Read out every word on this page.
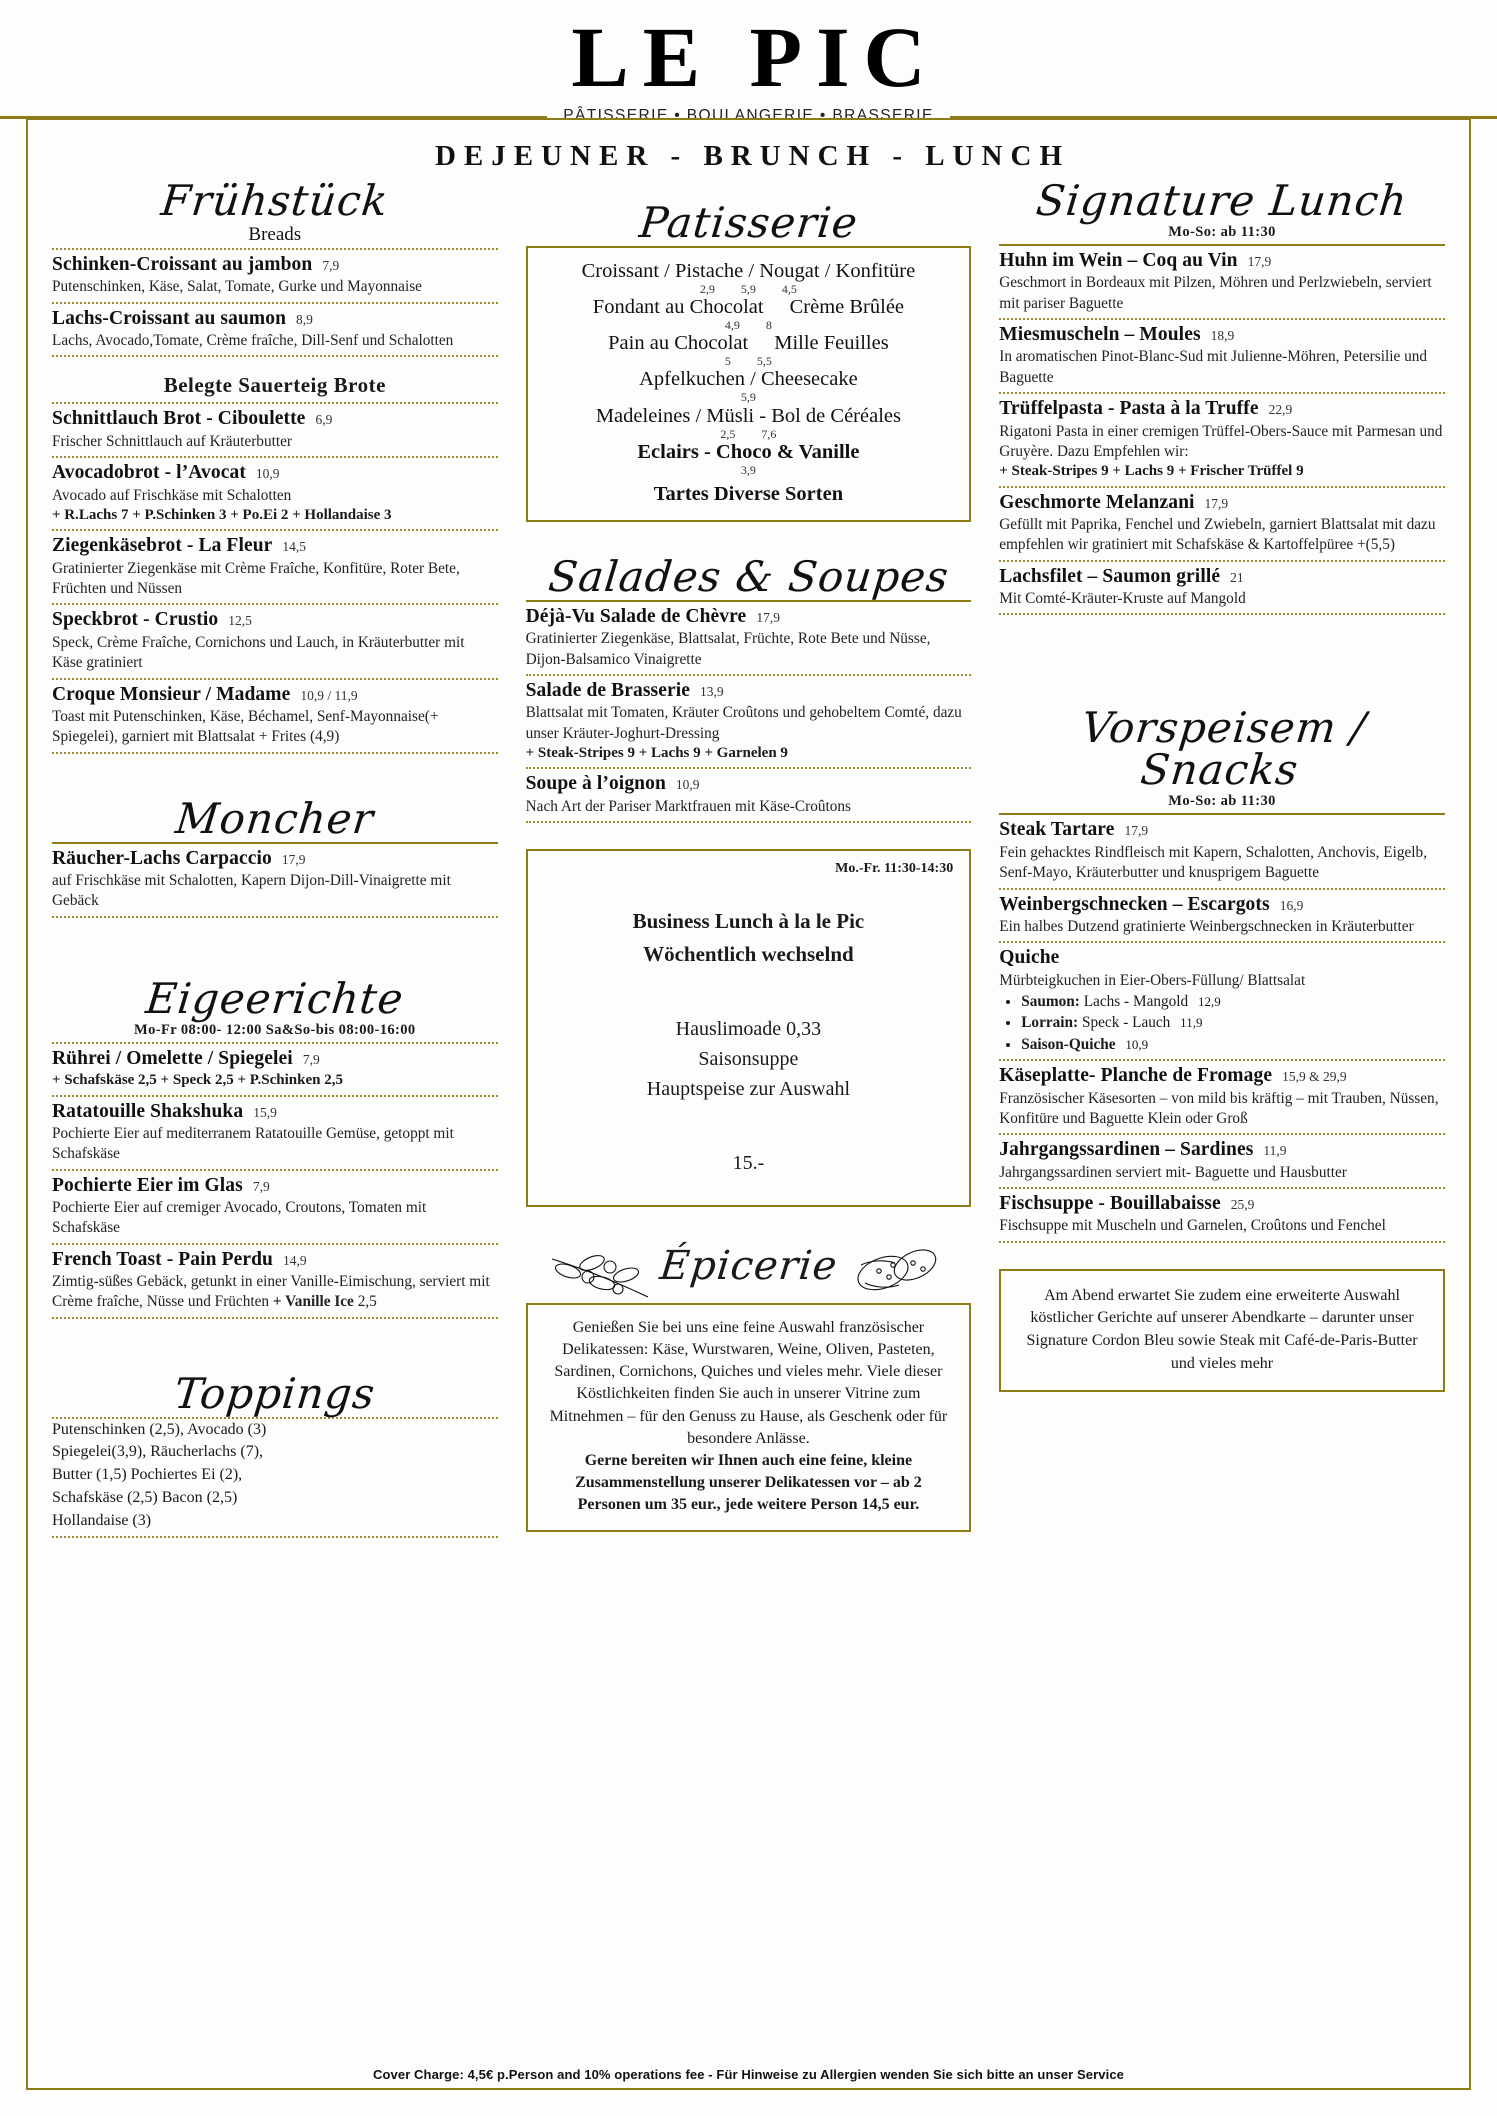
LE PIC
PÂTISSERIE • BOULANGERIE • BRASSERIE
DEJEUNER - BRUNCH - LUNCH
Frühstück
Breads
Schinken-Croissant au jambon 7,9
Putenschinken, Käse, Salat, Tomate, Gurke und Mayonnaise
Lachs-Croissant au saumon 8,9
Lachs, Avocado,Tomate, Crème fraîche, Dill-Senf und Schalotten
Belegte Sauerteig Brote
Schnittlauch Brot - Ciboulette 6,9
Frischer Schnittlauch auf Kräuterbutter
Avocadobrot - l’Avocat 10,9
Avocado auf Frischkäse mit Schalotten
+ R.Lachs 7 + P.Schinken 3 + Po.Ei 2 + Hollandaise 3
Ziegenkäsebrot - La Fleur 14,5
Gratinierter Ziegenkäse mit Crème Fraîche, Konfitüre, Roter Bete, Früchten und Nüssen
Speckbrot - Crustio 12,5
Speck, Crème Fraîche, Cornichons und Lauch, in Kräuterbutter mit Käse gratiniert
Croque Monsieur / Madame 10,9 / 11,9
Toast mit Putenschinken, Käse, Béchamel, Senf-Mayonnaise(+ Spiegelei), garniert mit Blattsalat + Frites (4,9)
Moncher
Räucher-Lachs Carpaccio 17,9
auf Frischkäse mit Schalotten, Kapern Dijon-Dill-Vinaigrette mit Gebäck
Eigeerichte
Mo-Fr 08:00- 12:00 Sa&So-bis 08:00-16:00
Rührei / Omelette / Spiegelei 7,9
+ Schafskäse 2,5 + Speck 2,5 + P.Schinken 2,5
Ratatouille Shakshuka 15,9
Pochierte Eier auf mediterranem Ratatouille Gemüse, getoppt mit Schafskäse
Pochierte Eier im Glas 7,9
Pochierte Eier auf cremiger Avocado, Croutons, Tomaten mit Schafskäse
French Toast - Pain Perdu 14,9
Zimtig-süßes Gebäck, getunkt in einer Vanille-Eimischung, serviert mit Crème fraîche, Nüsse und Früchten + Vanille Ice 2,5
Toppings
Putenschinken (2,5), Avocado (3)
Spiegelei(3,9), Räucherlachs (7),
Butter (1,5) Pochiertes Ei (2),
Schafskäse (2,5) Bacon (2,5)
Hollandaise (3)
Patisserie
Croissant / Pistache / Nougat / Konfitüre
2,9 5,9 4,5
Fondant au Chocolat Crème Brûlée
4,9 8
Pain au Chocolat Mille Feuilles
5 5,5
Apfelkuchen / Cheesecake
5,9
Madeleines / Müsli - Bol de Céréales
2,5 7,6
Eclairs - Choco & Vanille
3,9
Tartes Diverse Sorten
Salades & Soupes
Déjà-Vu Salade de Chèvre 17,9
Gratinierter Ziegenkäse, Blattsalat, Früchte, Rote Bete und Nüsse, Dijon-Balsamico Vinaigrette
Salade de Brasserie 13,9
Blattsalat mit Tomaten, Kräuter Croûtons und gehobeltem Comté, dazu unser Kräuter-Joghurt-Dressing
+ Steak-Stripes 9 + Lachs 9 + Garnelen 9
Soupe à l’oignon 10,9
Nach Art der Pariser Marktfrauen mit Käse-Croûtons
Mo.-Fr. 11:30-14:30
Business Lunch à la le Pic
Wöchentlich wechselnd
Hauslimoade 0,33
Saisonsuppe
Hauptspeise zur Auswahl
15.-
Épicerie
Genießen Sie bei uns eine feine Auswahl französischer Delikatessen: Käse, Wurstwaren, Weine, Oliven, Pasteten, Sardinen, Cornichons, Quiches und vieles mehr. Viele dieser Köstlichkeiten finden Sie auch in unserer Vitrine zum Mitnehmen – für den Genuss zu Hause, als Geschenk oder für besondere Anlässe.
Gerne bereiten wir Ihnen auch eine feine, kleine Zusammenstellung unserer Delikatessen vor – ab 2 Personen um 35 eur., jede weitere Person 14,5 eur.
Signature Lunch
Mo-So: ab 11:30
Huhn im Wein – Coq au Vin 17,9
Geschmort in Bordeaux mit Pilzen, Möhren und Perlzwiebeln, serviert mit pariser Baguette
Miesmuscheln – Moules 18,9
In aromatischen Pinot-Blanc-Sud mit Julienne-Möhren, Petersilie und Baguette
Trüffelpasta - Pasta à la Truffe 22,9
Rigatoni Pasta in einer cremigen Trüffel-Obers-Sauce mit Parmesan und Gruyère. Dazu Empfehlen wir:
+ Steak-Stripes 9 + Lachs 9 + Frischer Trüffel 9
Geschmorte Melanzani 17,9
Gefüllt mit Paprika, Fenchel und Zwiebeln, garniert Blattsalat mit dazu empfehlen wir gratiniert mit Schafskäse & Kartoffelpüree +(5,5)
Lachsfilet – Saumon grillé 21
Mit Comté-Kräuter-Kruste auf Mangold
Vorspeisem / Snacks
Mo-So: ab 11:30
Steak Tartare 17,9
Fein gehacktes Rindfleisch mit Kapern, Schalotten, Anchovis, Eigelb, Senf-Mayo, Kräuterbutter und knusprigem Baguette
Weinbergschnecken – Escargots 16,9
Ein halbes Dutzend gratinierte Weinbergschnecken in Kräuterbutter
Quiche
Mürbteigkuchen in Eier-Obers-Füllung/ Blattsalat
• Saumon: Lachs - Mangold 12,9
• Lorrain: Speck - Lauch 11,9
• Saison-Quiche 10,9
Käseplatte- Planche de Fromage 15,9 & 29,9
Französischer Käsesorten – von mild bis kräftig – mit Trauben, Nüssen, Konfitüre und Baguette Klein oder Groß
Jahrgangssardinen – Sardines 11,9
Jahrgangssardinen serviert mit- Baguette und Hausbutter
Fischsuppe - Bouillabaisse 25,9
Fischsuppe mit Muscheln und Garnelen, Croûtons und Fenchel
Am Abend erwartet Sie zudem eine erweiterte Auswahl köstlicher Gerichte auf unserer Abendkarte – darunter unser Signature Cordon Bleu sowie Steak mit Café-de-Paris-Butter und vieles mehr
Cover Charge: 4,5€ p.Person and 10% operations fee - Für Hinweise zu Allergien wenden Sie sich bitte an unser Service
